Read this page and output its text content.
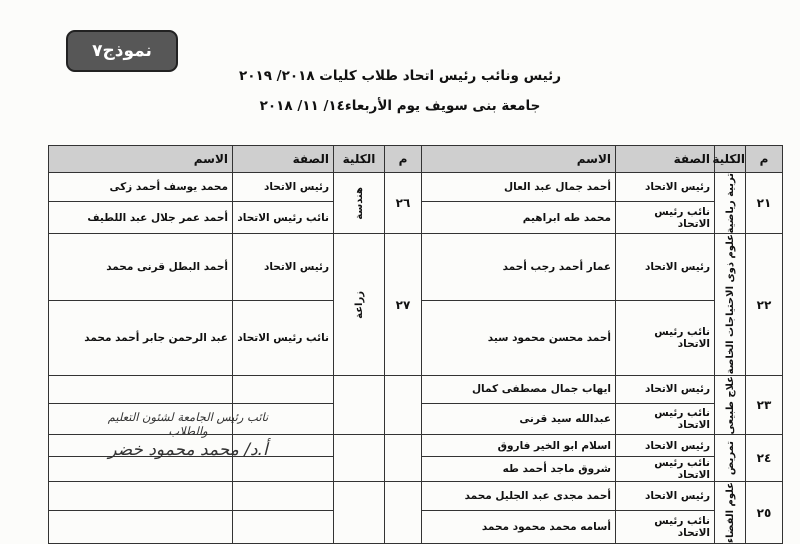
نموذج٧
رئيس ونائب رئيس اتحاد طلاب كليات ٢٠١٨/ ٢٠١٩
جامعة بنى سويف يوم الأربعاء١٤/ ١١/ ٢٠١٨
م	الكلية	الصفة	الاسم	م	الكلية	الصفة	الاسم
٢١	تربية رياضية	رئيس الاتحاد	أحمد جمال عبد العال	٢٦	هندسة	رئيس الاتحاد	محمد يوسف أحمد زكى
		نائب رئيس الاتحاد	محمد طه ابراهيم			نائب رئيس الاتحاد	أحمد عمر جلال عبد اللطيف
٢٢	علوم ذوى الاحتياجات الخاصة	رئيس الاتحاد	عمار أحمد رجب أحمد	٢٧	زراعة	رئيس الاتحاد	أحمد البطل قرنى محمد
		نائب رئيس الاتحاد	أحمد محسن محمود سيد			نائب رئيس الاتحاد	عبد الرحمن جابر أحمد محمد
٢٣	علاج طبيعى	رئيس الاتحاد	ايهاب جمال مصطفى كمال				
		نائب رئيس الاتحاد	عبدالله سيد قرنى				
٢٤	تمريض	رئيس الاتحاد	اسلام ابو الخير فاروق				
		نائب رئيس الاتحاد	شروق ماجد أحمد طه				
٢٥	علوم الفضاء	رئيس الاتحاد	أحمد مجدى عبد الجليل محمد				
		نائب رئيس الاتحاد	أسامه محمد محمود محمد				
نائب رئيس الجامعة لشئون التعليم والطلاب
أ.د/ محمد محمود خضر
